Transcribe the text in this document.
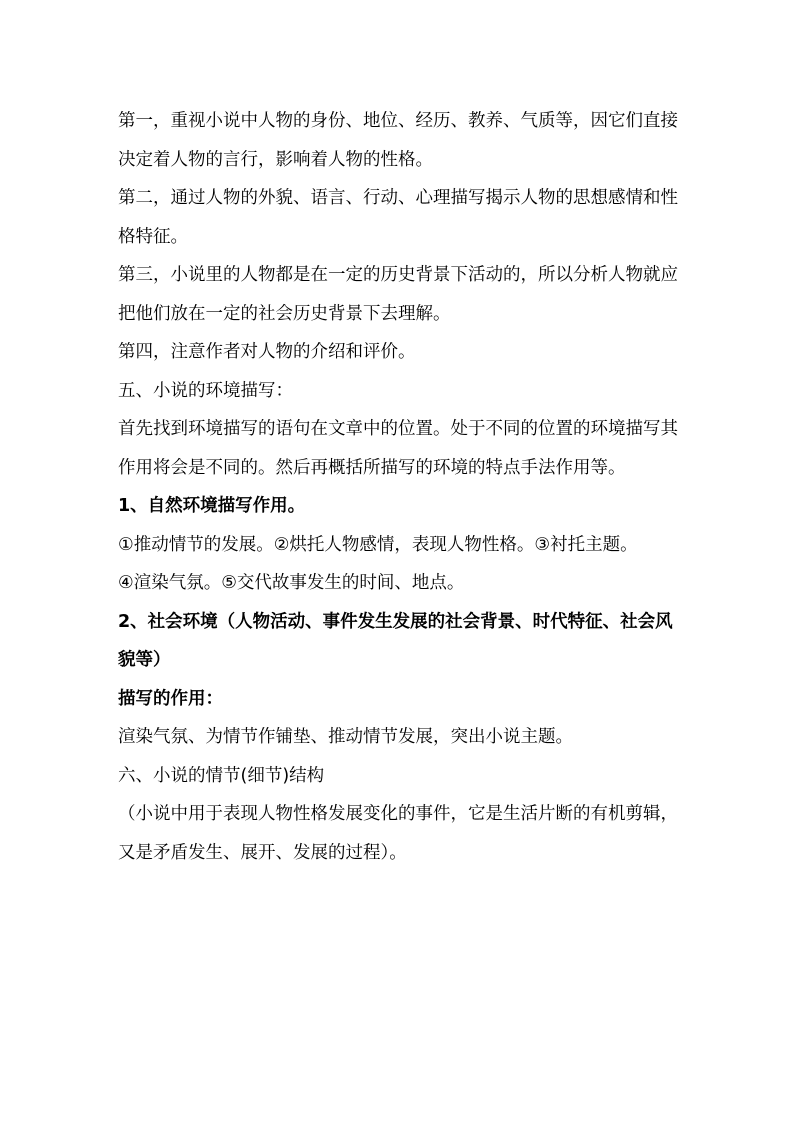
第一，重视小说中人物的身份、地位、经历、教养、气质等，因它们直接决定着人物的言行，影响着人物的性格。

第二，通过人物的外貌、语言、行动、心理描写揭示人物的思想感情和性格特征。

第三，小说里的人物都是在一定的历史背景下活动的，所以分析人物就应把他们放在一定的社会历史背景下去理解。

第四，注意作者对人物的介绍和评价。

五、小说的环境描写：

首先找到环境描写的语句在文章中的位置。处于不同的位置的环境描写其作用将会是不同的。然后再概括所描写的环境的特点手法作用等。

1、自然环境描写作用。

①推动情节的发展。②烘托人物感情，表现人物性格。③衬托主题。

④渲染气氛。⑤交代故事发生的时间、地点。

2、社会环境（人物活动、事件发生发展的社会背景、时代特征、社会风貌等）

描写的作用：

渲染气氛、为情节作铺垫、推动情节发展，突出小说主题。

六、小说的情节(细节)结构

（小说中用于表现人物性格发展变化的事件，它是生活片断的有机剪辑，又是矛盾发生、展开、发展的过程）。
